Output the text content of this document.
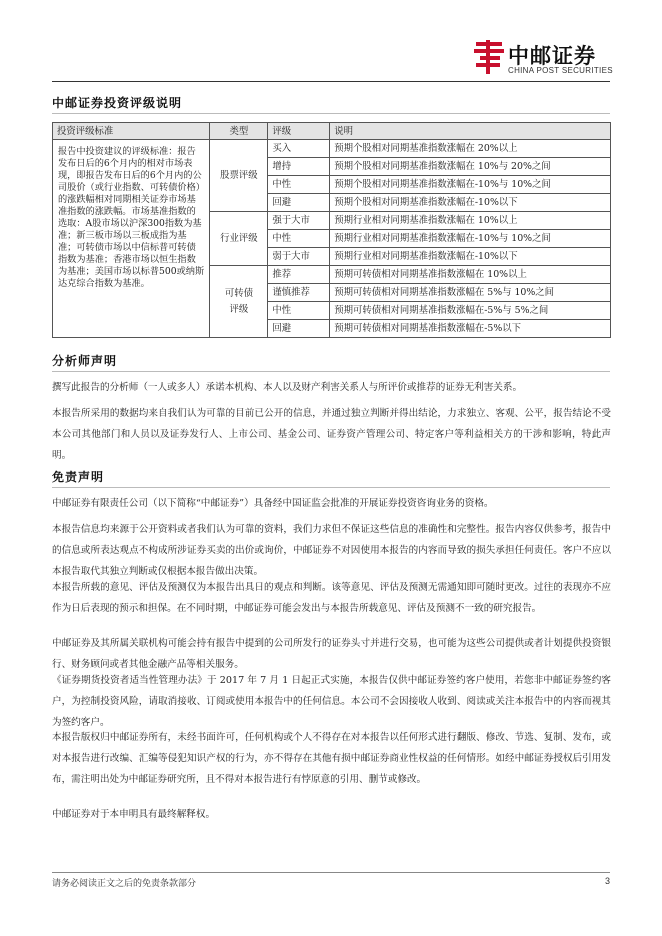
中邮证券
CHINA POST SECURITIES
中邮证券投资评级说明
投资评级标准	类型	评级	说明
报告中投资建议的评级标准：报告发布日后的6个月内的相对市场表现，即报告发布日后的6个月内的公司股价（或行业指数、可转债价格）的涨跌幅相对同期相关证券市场基准指数的涨跌幅。市场基准指数的选取：A股市场以沪深300指数为基准；新三板市场以三板成指为基准；可转债市场以中信标普可转债指数为基准；香港市场以恒生指数为基准；美国市场以标普500或纳斯达克综合指数为基准。	股票评级	买入	预期个股相对同期基准指数涨幅在 20%以上
		增持	预期个股相对同期基准指数涨幅在 10%与 20%之间
		中性	预期个股相对同期基准指数涨幅在-10%与 10%之间
		回避	预期个股相对同期基准指数涨幅在-10%以下
	行业评级	强于大市	预期行业相对同期基准指数涨幅在 10%以上
		中性	预期行业相对同期基准指数涨幅在-10%与 10%之间
		弱于大市	预期行业相对同期基准指数涨幅在-10%以下
	可转债评级	推荐	预期可转债相对同期基准指数涨幅在 10%以上
		谨慎推荐	预期可转债相对同期基准指数涨幅在 5%与 10%之间
		中性	预期可转债相对同期基准指数涨幅在-5%与 5%之间
		回避	预期可转债相对同期基准指数涨幅在-5%以下
分析师声明
撰写此报告的分析师（一人或多人）承诺本机构、本人以及财产利害关系人与所评价或推荐的证券无利害关系。
本报告所采用的数据均来自我们认为可靠的目前已公开的信息，并通过独立判断并得出结论，力求独立、客观、公平，报告结论不受本公司其他部门和人员以及证券发行人、上市公司、基金公司、证券资产管理公司、特定客户等利益相关方的干涉和影响，特此声明。
免责声明
中邮证券有限责任公司（以下简称“中邮证券”）具备经中国证监会批准的开展证券投资咨询业务的资格。
本报告信息均来源于公开资料或者我们认为可靠的资料，我们力求但不保证这些信息的准确性和完整性。报告内容仅供参考，报告中的信息或所表达观点不构成所涉证券买卖的出价或询价，中邮证券不对因使用本报告的内容而导致的损失承担任何责任。客户不应以本报告取代其独立判断或仅根据本报告做出决策。
本报告所载的意见、评估及预测仅为本报告出具日的观点和判断。该等意见、评估及预测无需通知即可随时更改。过往的表现亦不应作为日后表现的预示和担保。在不同时期，中邮证券可能会发出与本报告所载意见、评估及预测不一致的研究报告。
中邮证券及其所属关联机构可能会持有报告中提到的公司所发行的证券头寸并进行交易，也可能为这些公司提供或者计划提供投资银行、财务顾问或者其他金融产品等相关服务。
《证券期货投资者适当性管理办法》于 2017 年 7 月 1 日起正式实施，本报告仅供中邮证券签约客户使用，若您非中邮证券签约客户，为控制投资风险，请取消接收、订阅或使用本报告中的任何信息。本公司不会因接收人收到、阅读或关注本报告中的内容而视其为签约客户。
本报告版权归中邮证券所有，未经书面许可，任何机构或个人不得存在对本报告以任何形式进行翻版、修改、节选、复制、发布，或对本报告进行改编、汇编等侵犯知识产权的行为，亦不得存在其他有损中邮证券商业性权益的任何情形。如经中邮证券授权后引用发布，需注明出处为中邮证券研究所，且不得对本报告进行有悖原意的引用、删节或修改。
中邮证券对于本申明具有最终解释权。
请务必阅读正文之后的免责条款部分	3
